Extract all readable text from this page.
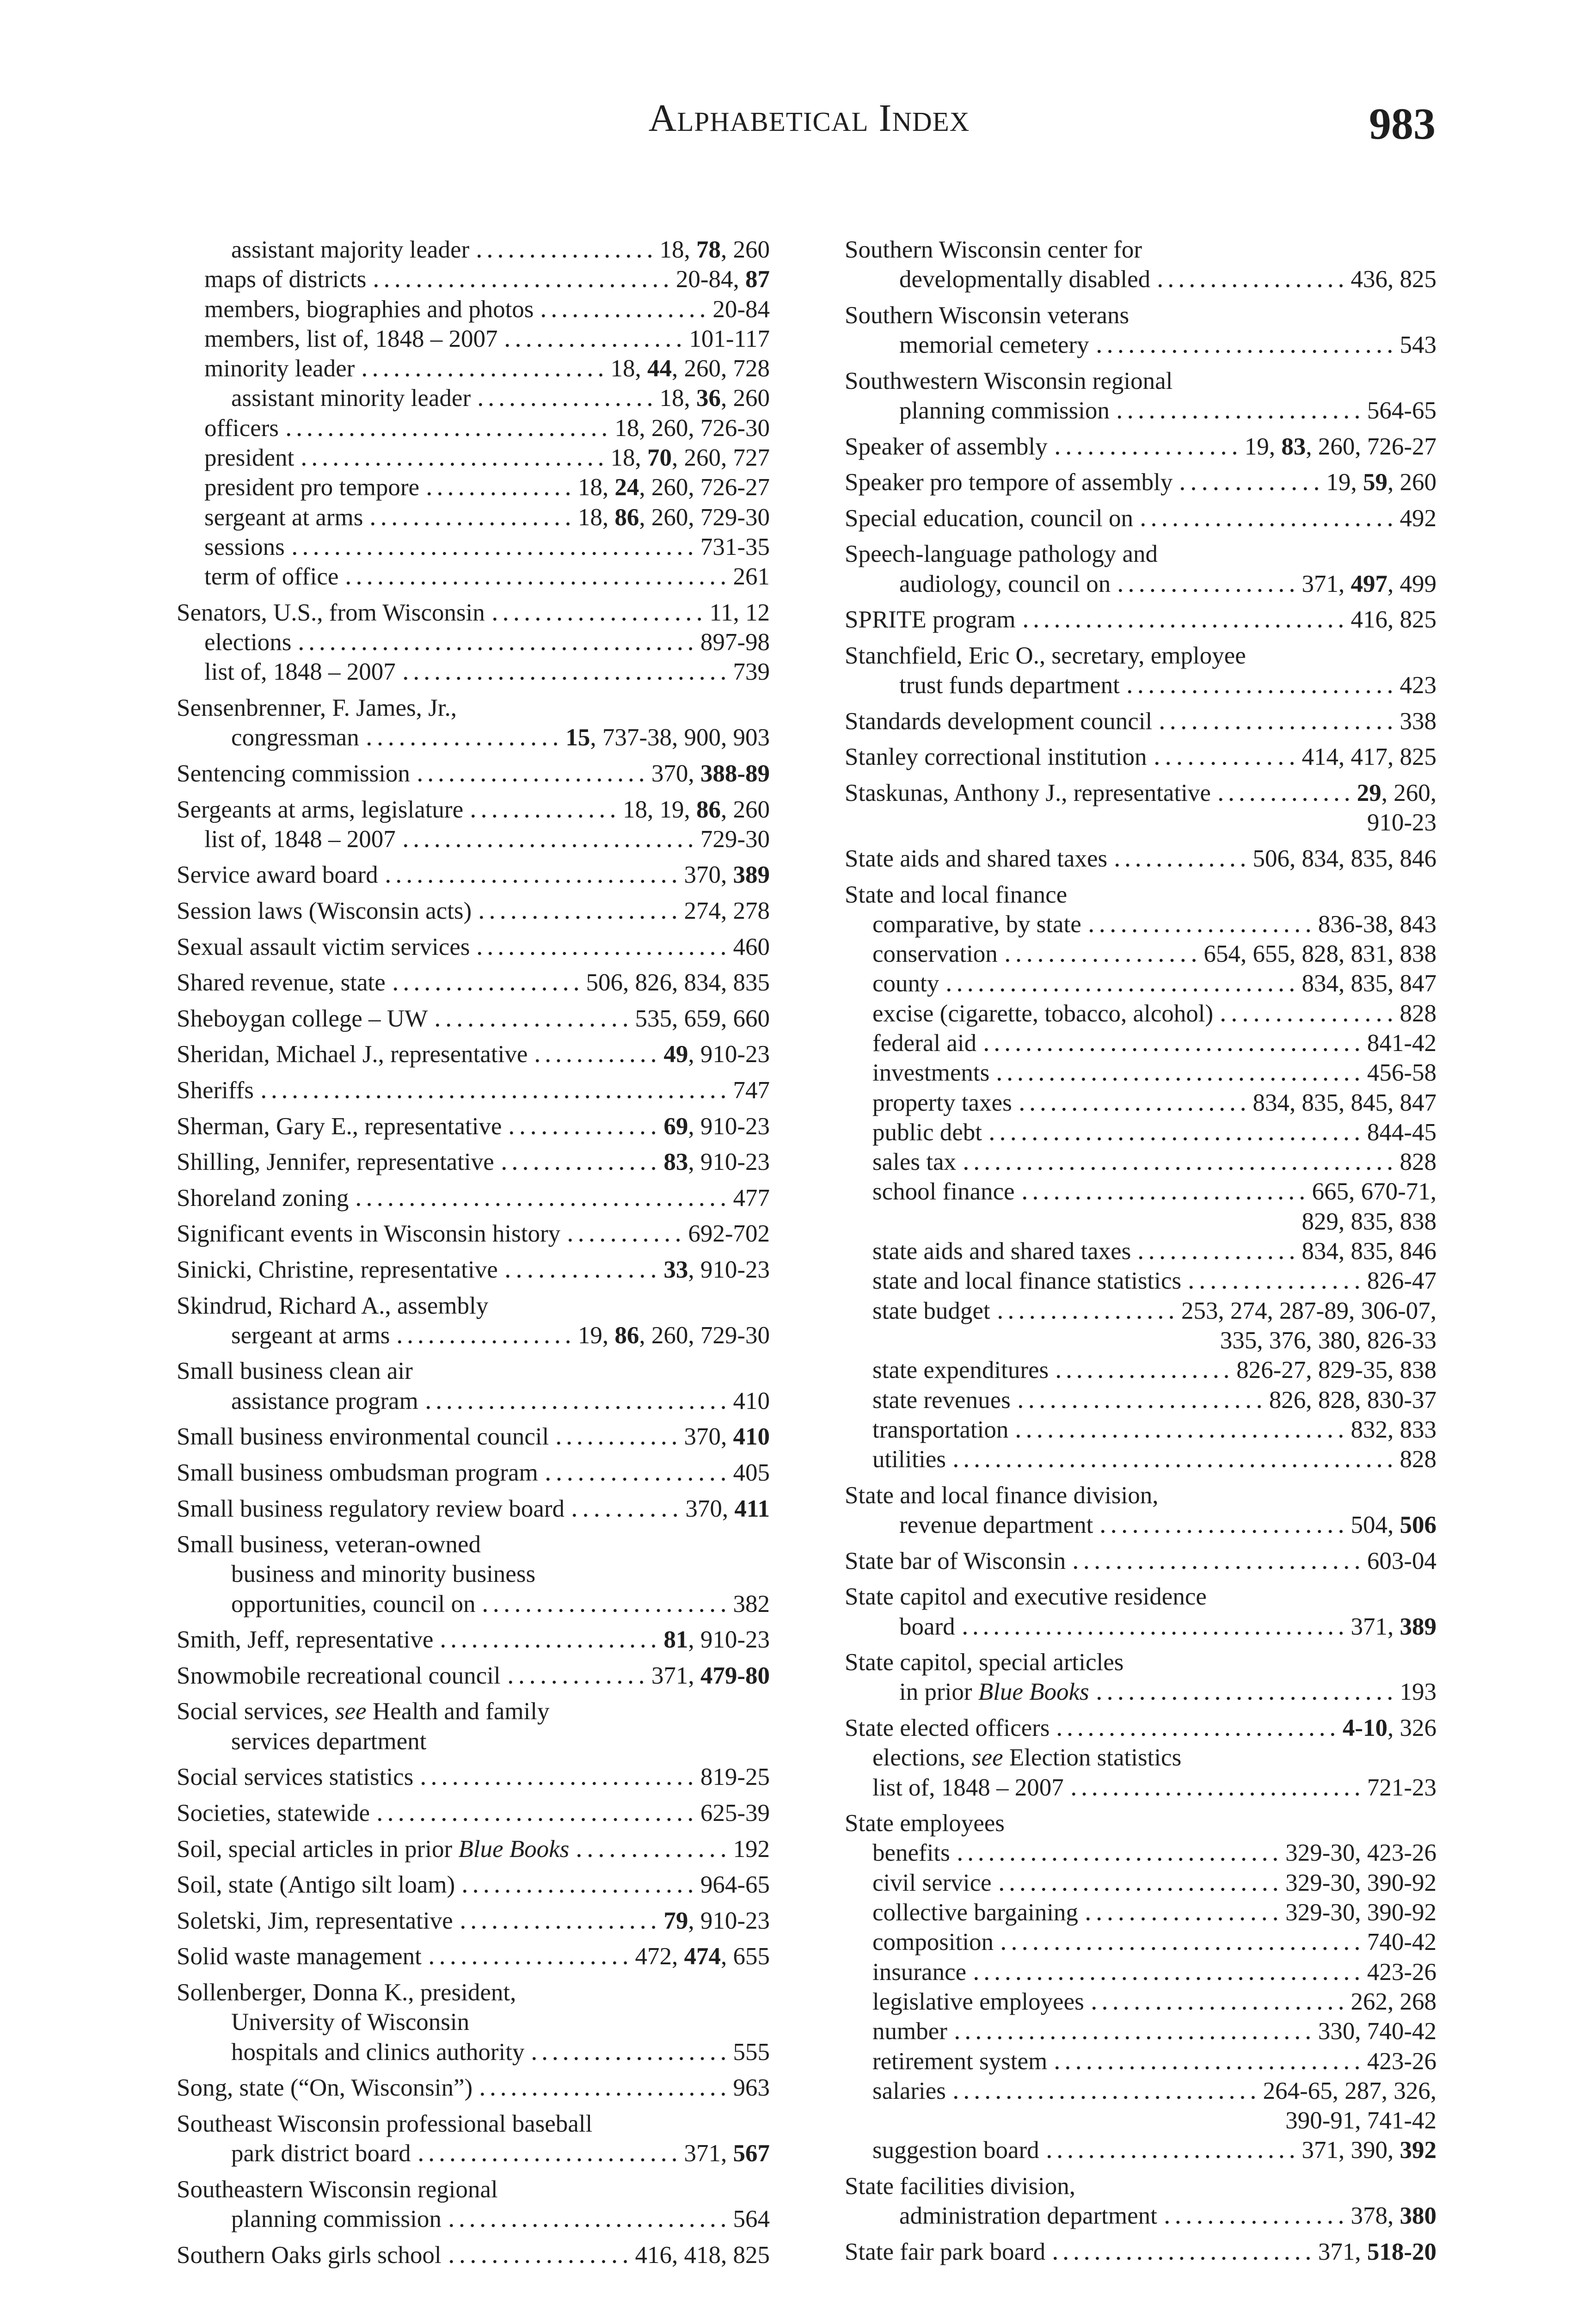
Alphabetical Index	983
assistant majority leader	18, 78, 260
maps of districts	20-84, 87
members, biographies and photos	20-84
members, list of, 1848 – 2007	101-117
minority leader	18, 44, 260, 728
assistant minority leader	18, 36, 260
officers	18, 260, 726-30
president	18, 70, 260, 727
president pro tempore	18, 24, 260, 726-27
sergeant at arms	18, 86, 260, 729-30
sessions	731-35
term of office	261
Senators, U.S., from Wisconsin	11, 12
elections	897-98
list of, 1848 – 2007	739
Sensenbrenner, F. James, Jr.,
congressman	15, 737-38, 900, 903
Sentencing commission	370, 388-89
Sergeants at arms, legislature	18, 19, 86, 260
list of, 1848 – 2007	729-30
Service award board	370, 389
Session laws (Wisconsin acts)	274, 278
Sexual assault victim services	460
Shared revenue, state	506, 826, 834, 835
Sheboygan college – UW	535, 659, 660
Sheridan, Michael J., representative	49, 910-23
Sheriffs	747
Sherman, Gary E., representative	69, 910-23
Shilling, Jennifer, representative	83, 910-23
Shoreland zoning	477
Significant events in Wisconsin history	692-702
Sinicki, Christine, representative	33, 910-23
Skindrud, Richard A., assembly
sergeant at arms	19, 86, 260, 729-30
Small business clean air
assistance program	410
Small business environmental council	370, 410
Small business ombudsman program	405
Small business regulatory review board	370, 411
Small business, veteran-owned
business and minority business
opportunities, council on	382
Smith, Jeff, representative	81, 910-23
Snowmobile recreational council	371, 479-80
Social services, see Health and family
services department
Social services statistics	819-25
Societies, statewide	625-39
Soil, special articles in prior Blue Books	192
Soil, state (Antigo silt loam)	964-65
Soletski, Jim, representative	79, 910-23
Solid waste management	472, 474, 655
Sollenberger, Donna K., president,
University of Wisconsin
hospitals and clinics authority	555
Song, state (“On, Wisconsin”)	963
Southeast Wisconsin professional baseball
park district board	371, 567
Southeastern Wisconsin regional
planning commission	564
Southern Oaks girls school	416, 418, 825
Southern Wisconsin center for
developmentally disabled	436, 825
Southern Wisconsin veterans
memorial cemetery	543
Southwestern Wisconsin regional
planning commission	564-65
Speaker of assembly	19, 83, 260, 726-27
Speaker pro tempore of assembly	19, 59, 260
Special education, council on	492
Speech-language pathology and
audiology, council on	371, 497, 499
SPRITE program	416, 825
Stanchfield, Eric O., secretary, employee
trust funds department	423
Standards development council	338
Stanley correctional institution	414, 417, 825
Staskunas, Anthony J., representative	29, 260,
910-23
State aids and shared taxes	506, 834, 835, 846
State and local finance
comparative, by state	836-38, 843
conservation	654, 655, 828, 831, 838
county	834, 835, 847
excise (cigarette, tobacco, alcohol)	828
federal aid	841-42
investments	456-58
property taxes	834, 835, 845, 847
public debt	844-45
sales tax	828
school finance	665, 670-71,
829, 835, 838
state aids and shared taxes	834, 835, 846
state and local finance statistics	826-47
state budget	253, 274, 287-89, 306-07,
335, 376, 380, 826-33
state expenditures	826-27, 829-35, 838
state revenues	826, 828, 830-37
transportation	832, 833
utilities	828
State and local finance division,
revenue department	504, 506
State bar of Wisconsin	603-04
State capitol and executive residence
board	371, 389
State capitol, special articles
in prior Blue Books	193
State elected officers	4-10, 326
elections, see Election statistics
list of, 1848 – 2007	721-23
State employees
benefits	329-30, 423-26
civil service	329-30, 390-92
collective bargaining	329-30, 390-92
composition	740-42
insurance	423-26
legislative employees	262, 268
number	330, 740-42
retirement system	423-26
salaries	264-65, 287, 326,
390-91, 741-42
suggestion board	371, 390, 392
State facilities division,
administration department	378, 380
State fair park board	371, 518-20
